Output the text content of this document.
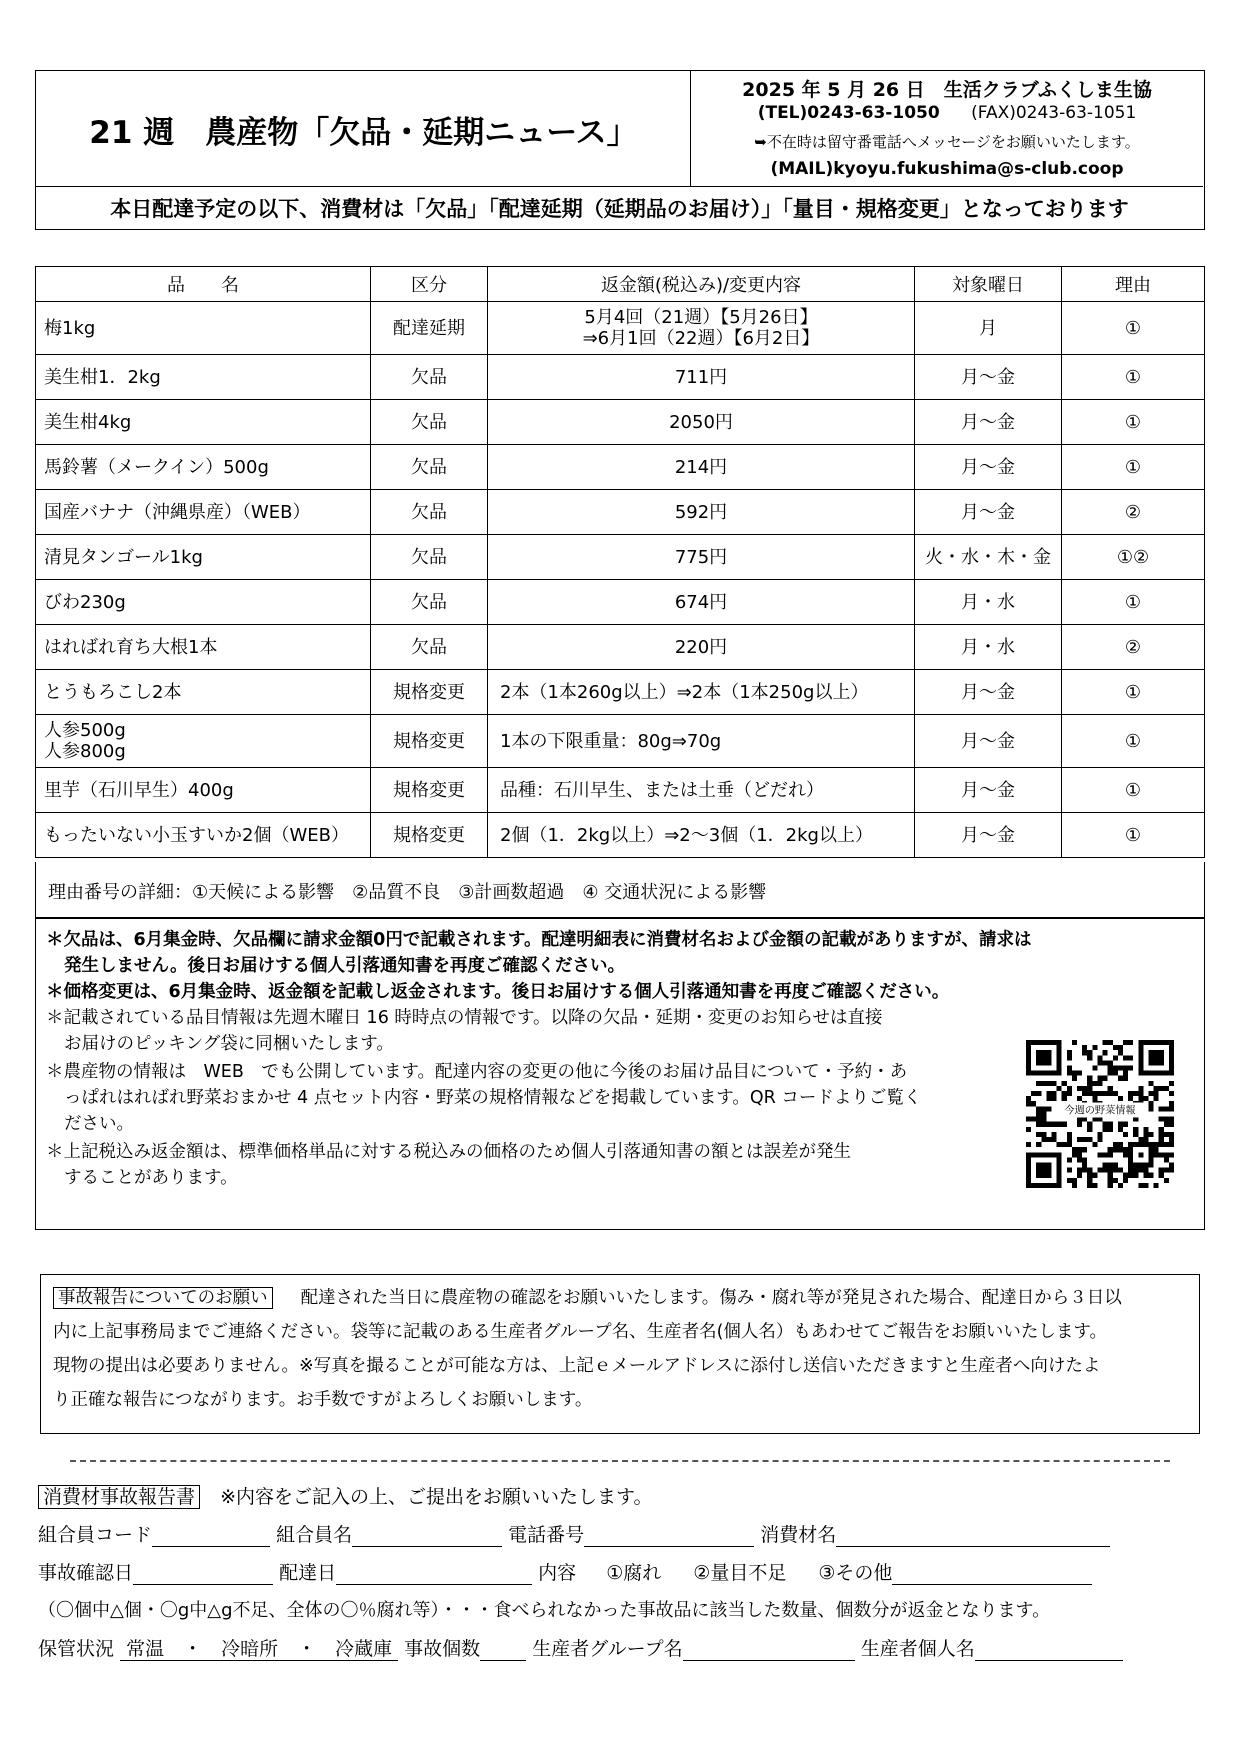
21 週　農産物「欠品・延期ニュース」
2025 年 5 月 26 日　生活クラブふくしま生協
(TEL)0243-63-1050 (FAX)0243-63-1051
➥不在時は留守番電話へメッセージをお願いいたします。
(MAIL)kyoyu.fukushima@s-club.coop
本日配達予定の以下、消費材は「欠品」「配達延期（延期品のお届け）」「量目・規格変更」となっております
品　　名	区分	返金額(税込み)/変更内容	対象曜日	理由
梅1kg	配達延期	5月4回（21週）【5月26日】
⇒6月1回（22週）【6月2日】	月	①
美生柑1．2kg	欠品	711円	月～金	①
美生柑4kg	欠品	2050円	月～金	①
馬鈴薯（メークイン）500g	欠品	214円	月～金	①
国産バナナ（沖縄県産）（WEB）	欠品	592円	月～金	②
清見タンゴール1kg	欠品	775円	火・水・木・金	①②
びわ230g	欠品	674円	月・水	①
はればれ育ち大根1本	欠品	220円	月・水	②
とうもろこし2本	規格変更	2本（1本260g以上）⇒2本（1本250g以上）	月～金	①
人参500g
人参800g	規格変更	1本の下限重量：80g⇒70g	月～金	①
里芋（石川早生）400g	規格変更	品種：石川早生、または土垂（どだれ）	月～金	①
もったいない小玉すいか2個（WEB）	規格変更	2個（1．2kg以上）⇒2～3個（1．2kg以上）	月～金	①
理由番号の詳細：①天候による影響　②品質不良　③計画数超過　④ 交通状況による影響
＊欠品は、6月集金時、欠品欄に請求金額0円で記載されます。配達明細表に消費材名および金額の記載がありますが、請求は
発生しません。後日お届けする個人引落通知書を再度ご確認ください。
＊価格変更は、6月集金時、返金額を記載し返金されます。後日お届けする個人引落通知書を再度ご確認ください。
＊記載されている品目情報は先週木曜日 16 時時点の情報です。以降の欠品・延期・変更のお知らせは直接
お届けのピッキング袋に同梱いたします。
＊農産物の情報は　WEB　でも公開しています。配達内容の変更の他に今後のお届け品目について・予約・あ
っぱれはればれ野菜おまかせ 4 点セット内容・野菜の規格情報などを掲載しています。QR コードよりご覧く
ださい。
＊上記税込み返金額は、標準価格単品に対する税込みの価格のため個人引落通知書の額とは誤差が発生
することがあります。
今週の野菜情報
事故報告についてのお願い 配達された当日に農産物の確認をお願いいたします。傷み・腐れ等が発見された場合、配達日から３日以
内に上記事務局までご連絡ください。袋等に記載のある生産者グループ名、生産者名(個人名）もあわせてご報告をお願いいたします。
現物の提出は必要ありません。※写真を撮ることが可能な方は、上記ｅメールアドレスに添付し送信いただきますと生産者へ向けたよ
り正確な報告につながります。お手数ですがよろしくお願いします。
消費材事故報告書 ※内容をご記入の上、ご提出をお願いいたします。
組合員コード	組合員名	電話番号	消費材名
事故確認日	配達日	内容 ①腐れ ②量目不足 ③その他
（〇個中△個・〇g中△g不足、全体の〇％腐れ等）・・・食べられなかった事故品に該当した数量、個数分が返金となります。
保管状況 常温　・　冷暗所　・　冷蔵庫 事故個数	生産者グループ名	生産者個人名
